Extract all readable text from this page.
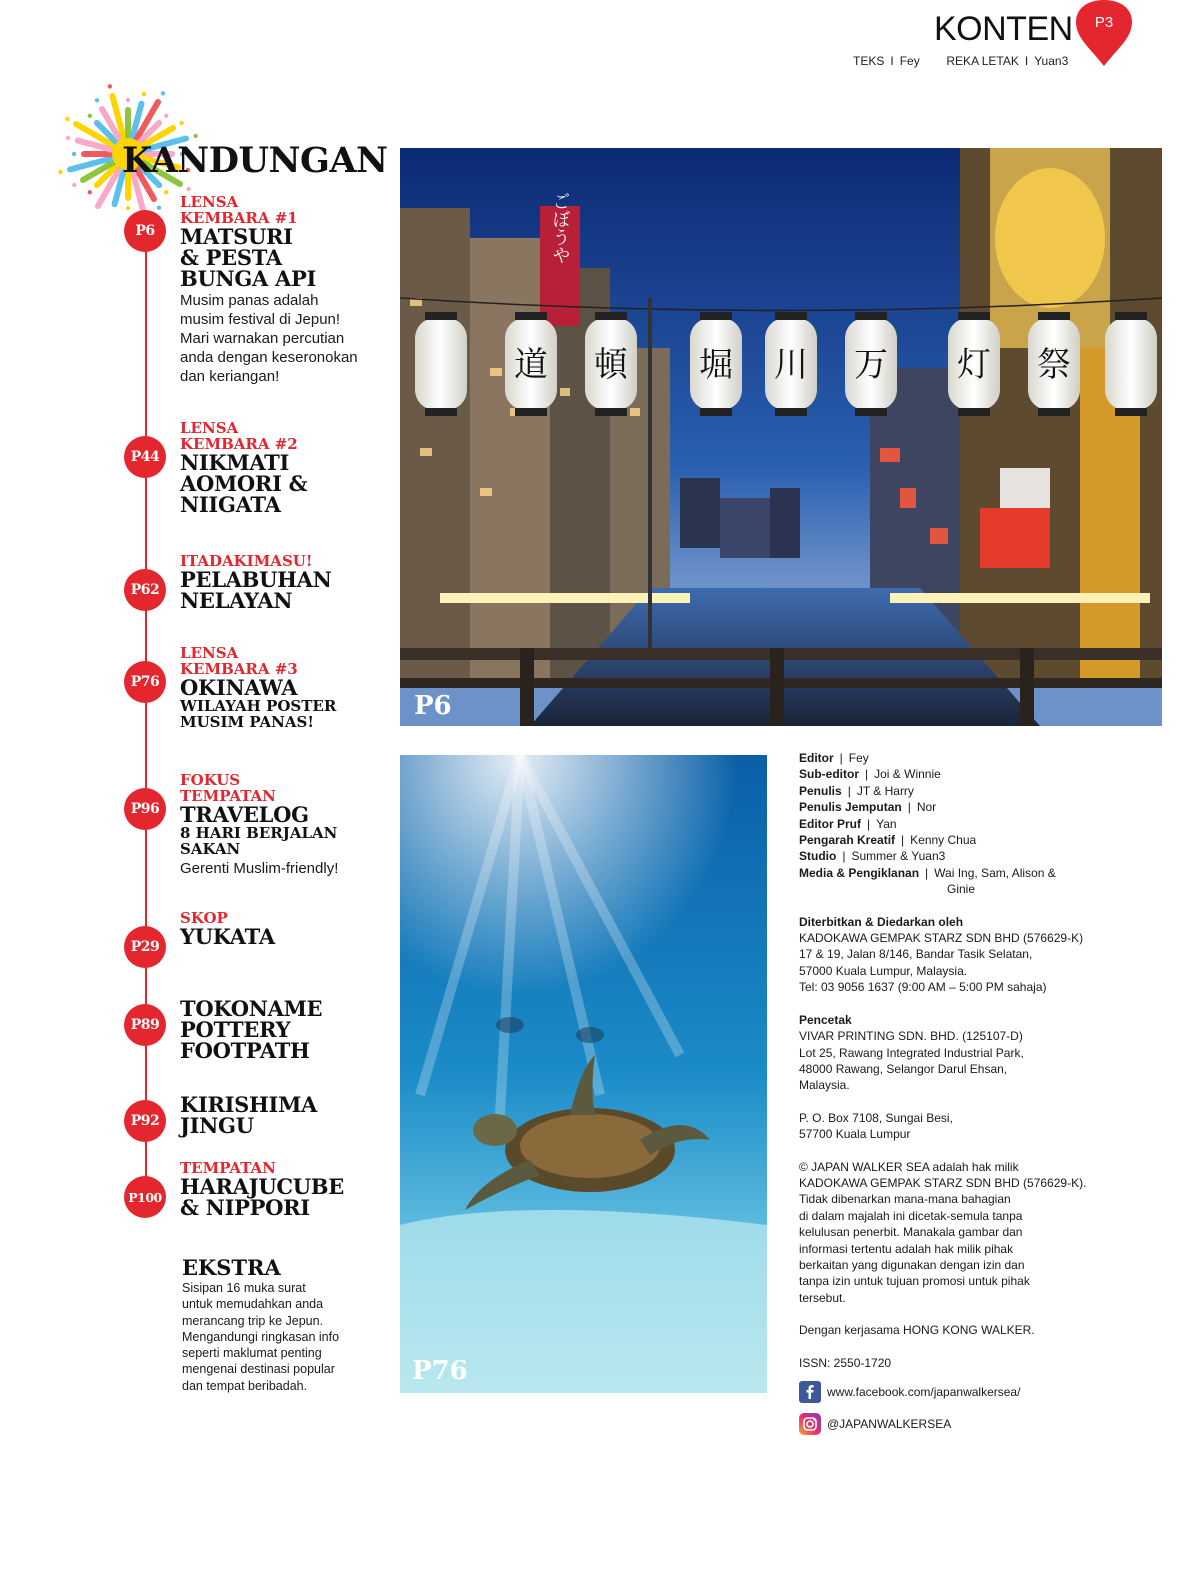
KONTEN	P3
TEKS I Fey REKA LETAK I Yuan3
KANDUNGAN
P6
LENSA
KEMBARA #1
MATSURI
& PESTA
BUNGA API
Musim panas adalah
musim festival di Jepun!
Mari warnakan percutian
anda dengan keseronokan
dan keriangan!
P44
LENSA
KEMBARA #2
NIKMATI
AOMORI &
NIIGATA
P62
ITADAKIMASU!
PELABUHAN
NELAYAN
P76
LENSA
KEMBARA #3
OKINAWA
WILAYAH POSTER
MUSIM PANAS!
P96
FOKUS
TEMPATAN
TRAVELOG
8 HARI BERJALAN
SAKAN
Gerenti Muslim-friendly!
P29
SKOP
YUKATA
P89
TOKONAME
POTTERY
FOOTPATH
P92
KIRISHIMA
JINGU
P100
TEMPATAN
HARAJUCUBE
& NIPPORI
EKSTRA
Sisipan 16 muka surat
untuk memudahkan anda
merancang trip ke Jepun.
Mengandungi ringkasan info
seperti maklumat penting
mengenai destinasi popular
dan tempat beribadah.
ごぼうや
道 頓 堀 川 万 灯 祭
P6
P76
Editor | Fey
Sub-editor | Joi & Winnie
Penulis | JT & Harry
Penulis Jemputan | Nor
Editor Pruf | Yan
Pengarah Kreatif | Kenny Chua
Studio | Summer & Yuan3
Media & Pengiklanan | Wai Ing, Sam, Alison &
Ginie
Diterbitkan & Diedarkan oleh
KADOKAWA GEMPAK STARZ SDN BHD (576629-K)
17 & 19, Jalan 8/146, Bandar Tasik Selatan,
57000 Kuala Lumpur, Malaysia.
Tel: 03 9056 1637 (9:00 AM – 5:00 PM sahaja)
Pencetak
VIVAR PRINTING SDN. BHD. (125107-D)
Lot 25, Rawang Integrated Industrial Park,
48000 Rawang, Selangor Darul Ehsan,
Malaysia.
P. O. Box 7108, Sungai Besi,
57700 Kuala Lumpur
© JAPAN WALKER SEA adalah hak milik
KADOKAWA GEMPAK STARZ SDN BHD (576629-K).
Tidak dibenarkan mana-mana bahagian
di dalam majalah ini dicetak-semula tanpa
kelulusan penerbit. Manakala gambar dan
informasi tertentu adalah hak milik pihak
berkaitan yang digunakan dengan izin dan
tanpa izin untuk tujuan promosi untuk pihak
tersebut.
Dengan kerjasama HONG KONG WALKER.
ISSN: 2550-1720
www.facebook.com/japanwalkersea/
@JAPANWALKERSEA
